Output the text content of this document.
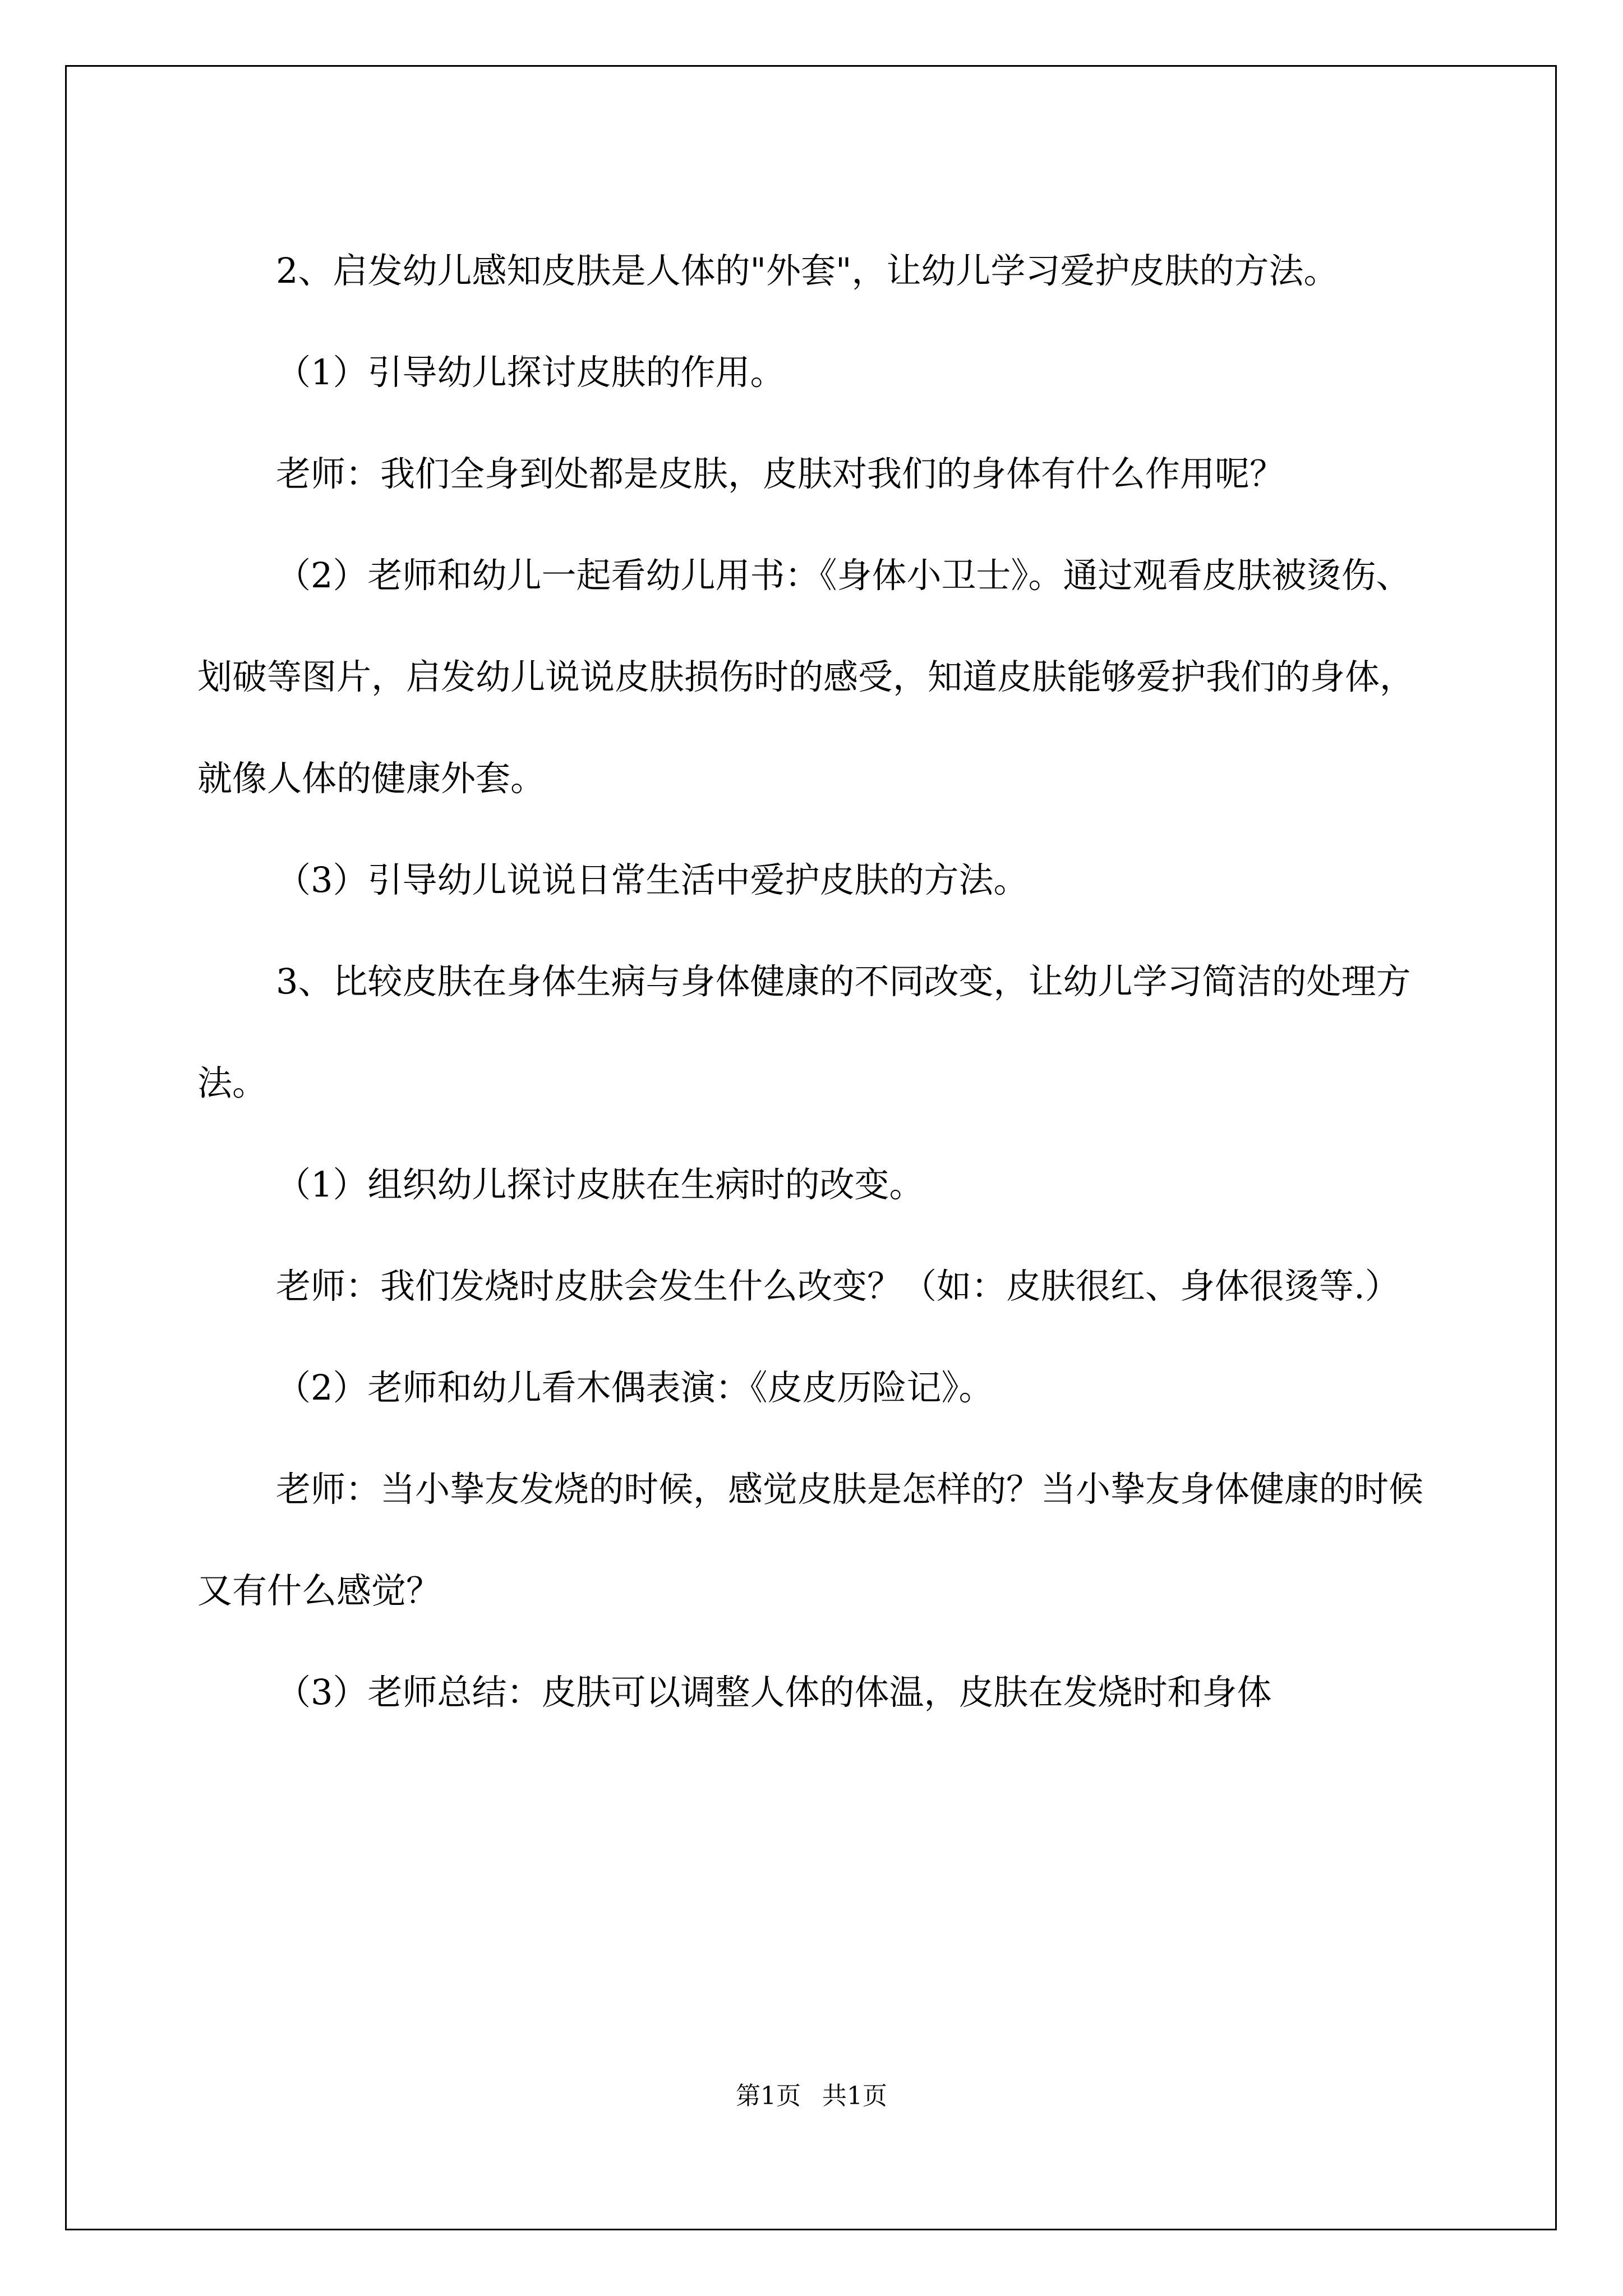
2、启发幼儿感知皮肤是人体的"外套"，让幼儿学习爱护皮肤的方法。

（1）引导幼儿探讨皮肤的作用。

老师：我们全身到处都是皮肤，皮肤对我们的身体有什么作用呢？

（2）老师和幼儿一起看幼儿用书：《身体小卫士》。通过观看皮肤被烫伤、划破等图片，启发幼儿说说皮肤损伤时的感受，知道皮肤能够爱护我们的身体，就像人体的健康外套。

（3）引导幼儿说说日常生活中爱护皮肤的方法。

3、比较皮肤在身体生病与身体健康的不同改变，让幼儿学习简洁的处理方法。

（1）组织幼儿探讨皮肤在生病时的改变。

老师：我们发烧时皮肤会发生什么改变？（如：皮肤很红、身体很烫等.）

（2）老师和幼儿看木偶表演：《皮皮历险记》。

老师：当小挚友发烧的时候，感觉皮肤是怎样的？当小挚友身体健康的时候又有什么感觉？

（3）老师总结：皮肤可以调整人体的体温，皮肤在发烧时和身体

第1页 共1页
